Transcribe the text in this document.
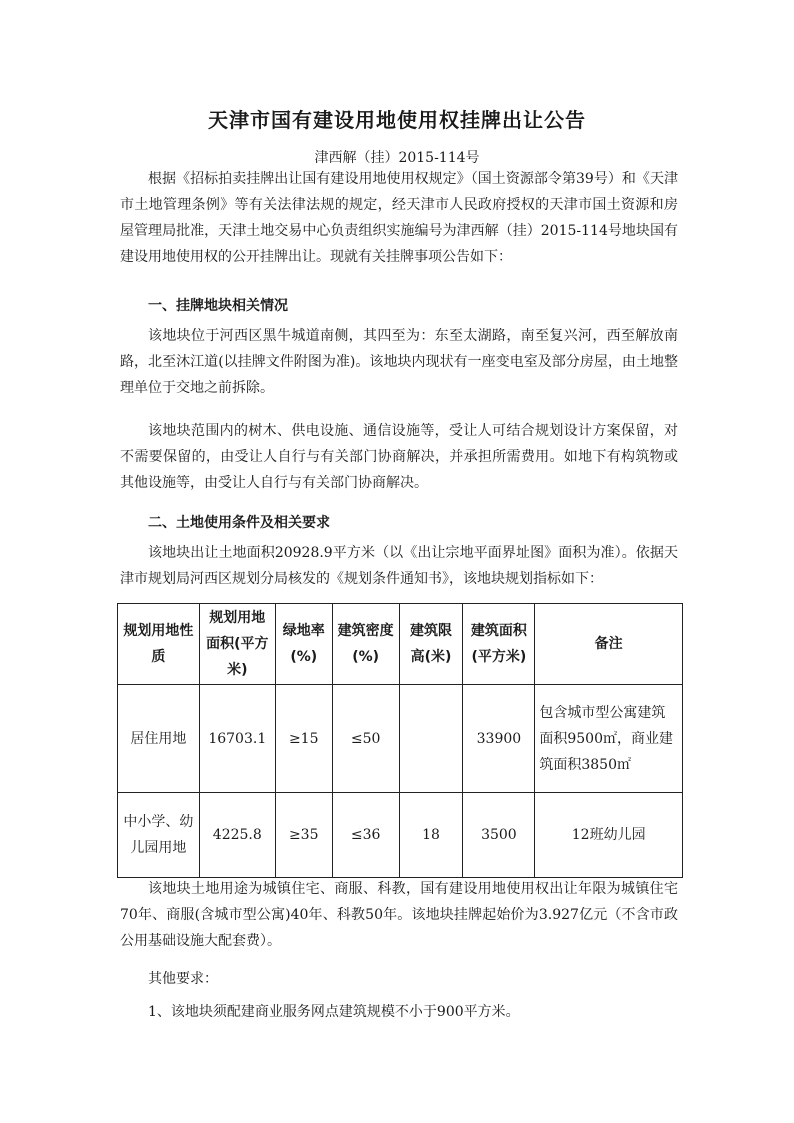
天津市国有建设用地使用权挂牌出让公告

津西解（挂）2015-114号

根据《招标拍卖挂牌出让国有建设用地使用权规定》（国土资源部令第39号）和《天津市土地管理条例》等有关法律法规的规定，经天津市人民政府授权的天津市国土资源和房屋管理局批准，天津土地交易中心负责组织实施编号为津西解（挂）2015-114号地块国有建设用地使用权的公开挂牌出让。现就有关挂牌事项公告如下：

一、挂牌地块相关情况

该地块位于河西区黑牛城道南侧，其四至为：东至太湖路，南至复兴河，西至解放南路，北至沐江道(以挂牌文件附图为准)。该地块内现状有一座变电室及部分房屋，由土地整理单位于交地之前拆除。

该地块范围内的树木、供电设施、通信设施等，受让人可结合规划设计方案保留，对不需要保留的，由受让人自行与有关部门协商解决，并承担所需费用。如地下有构筑物或其他设施等，由受让人自行与有关部门协商解决。

二、土地使用条件及相关要求

该地块出让土地面积20928.9平方米（以《出让宗地平面界址图》面积为准）。依据天津市规划局河西区规划分局核发的《规划条件通知书》，该地块规划指标如下：

规划用地性质	规划用地面积(平方米)	绿地率(%)	建筑密度(%)	建筑限高(米)	建筑面积(平方米)	备注
居住用地	16703.1	≥15	≤50		33900	包含城市型公寓建筑面积9500㎡，商业建筑面积3850㎡
中小学、幼儿园用地	4225.8	≥35	≤36	18	3500	12班幼儿园

该地块土地用途为城镇住宅、商服、科教，国有建设用地使用权出让年限为城镇住宅70年、商服(含城市型公寓)40年、科教50年。该地块挂牌起始价为3.927亿元（不含市政公用基础设施大配套费）。

其他要求：

1、该地块须配建商业服务网点建筑规模不小于900平方米。
